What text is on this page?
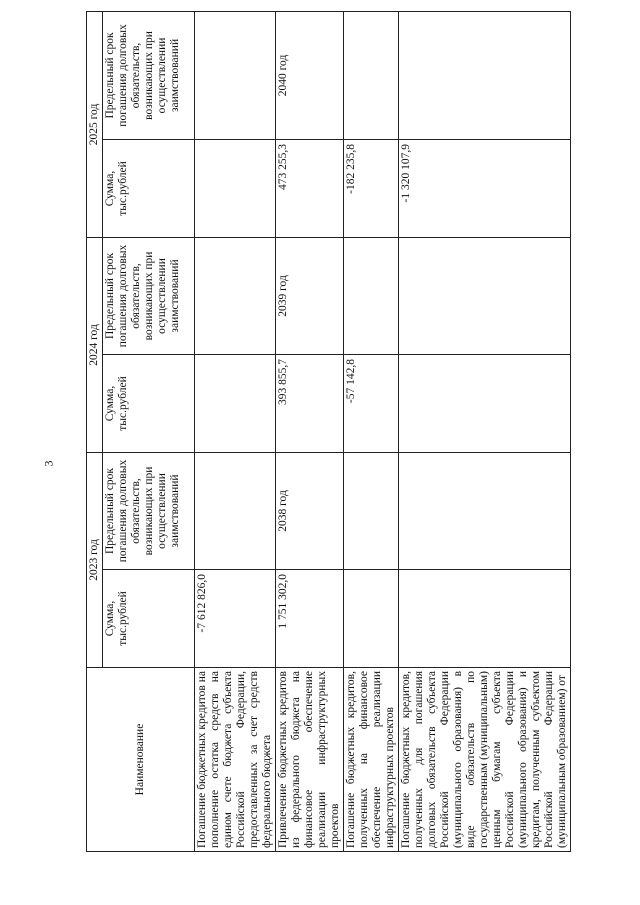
3
Наименование	2023 год		2024 год		2025 год	
	Сумма, тыс.рублей	Предельный срок погашения долговых обязательств, возникающих при осуществлении заимствований	Сумма, тыс.рублей	Предельный срок погашения долговых обязательств, возникающих при осуществлении заимствований	Сумма, тыс.рублей	Предельный срок погашения долговых обязательств, возникающих при осуществлении заимствований
Погашение бюджетных кредитов на пополнение остатка средств на едином счете бюджета субъекта Российской Федерации, предоставленных за счет средств федерального бюджета	-7 612 826,0					
Привлечение бюджетных кредитов из федерального бюджета на финансовое обеспечение реализации инфраструктурных проектов	1 751 302,0	2038 год	393 855,7	2039 год	473 255,3	2040 год
Погашение бюджетных кредитов, полученных на финансовое обеспечение реализации инфраструктурных проектов			-57 142,8		-182 235,8	
Погашение бюджетных кредитов, полученных для погашения долговых обязательств субъекта Российской Федерации (муниципального образования) в виде обязательств по государственным (муниципальным) ценным бумагам субъекта Российской Федерации (муниципального образования) и кредитам, полученным субъектом Российской Федерации (муниципальным образованием) от					-1 320 107,9	
